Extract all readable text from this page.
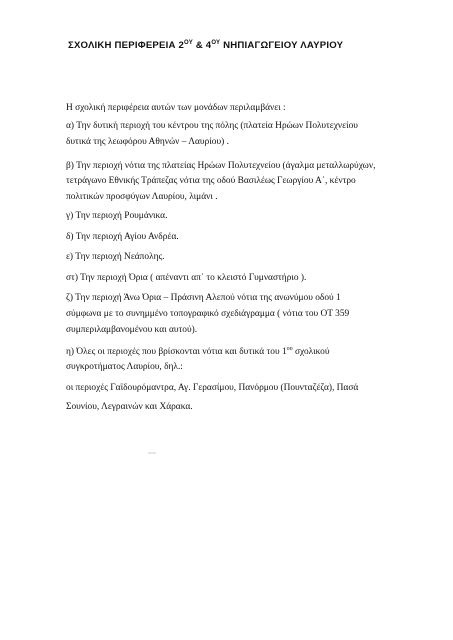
ΣΧΟΛΙΚΗ ΠΕΡΙΦΕΡΕΙΑ $2^{O\Upsilon}$ & $4^{O\Upsilon}$ ΝΗΠΙΑΓΩΓΕΙΟΥ ΛΑΥΡΙΟΥ
Η σχολική περιφέρεια αυτών των μονάδων περιλαμβάνει :
α) Την δυτική περιοχή του κέντρου της πόλης (πλατεία Ηρώων Πολυτεχνείου
δυτικά της λεωφόρου Αθηνών – Λαυρίου) .
β) Την περιοχή νότια της πλατείας Ηρώων Πολυτεχνείου (άγαλμα μεταλλωρύχων,
τετράγωνο Εθνικής Τράπεζας νότια της οδού Βασιλέως Γεωργίου Α΄, κέντρο
πολιτικών προσφύγων Λαυρίου, λιμάνι .
γ) Την περιοχή Ρουμάνικα.
δ) Την περιοχή Αγίου Ανδρέα.
ε) Την περιοχή Νεάπολης.
στ) Την περιοχή Όρια ( απέναντι απ΄ το κλειστό Γυμναστήριο ).
ζ) Την περιοχή Άνω Όρια – Πράσινη Αλεπού νότια της ανωνύμου οδού 1
σύμφωνα με το συνημμένο τοπογραφικό σχεδιάγραμμα ( νότια του ΟΤ 359
συμπεριλαμβανομένου και αυτού).
η) Όλες οι περιοχές που βρίσκονται νότια και δυτικά του $1^{o\upsilon}$ σχολικού
συγκροτήματος Λαυρίου, δηλ.:
οι περιοχές Γαϊδουρόμαντρα, Αγ. Γερασίμου, Πανόρμου (Πουνταζέζα), Πασά
Σουνίου, Λεγραινών και Χάρακα.
